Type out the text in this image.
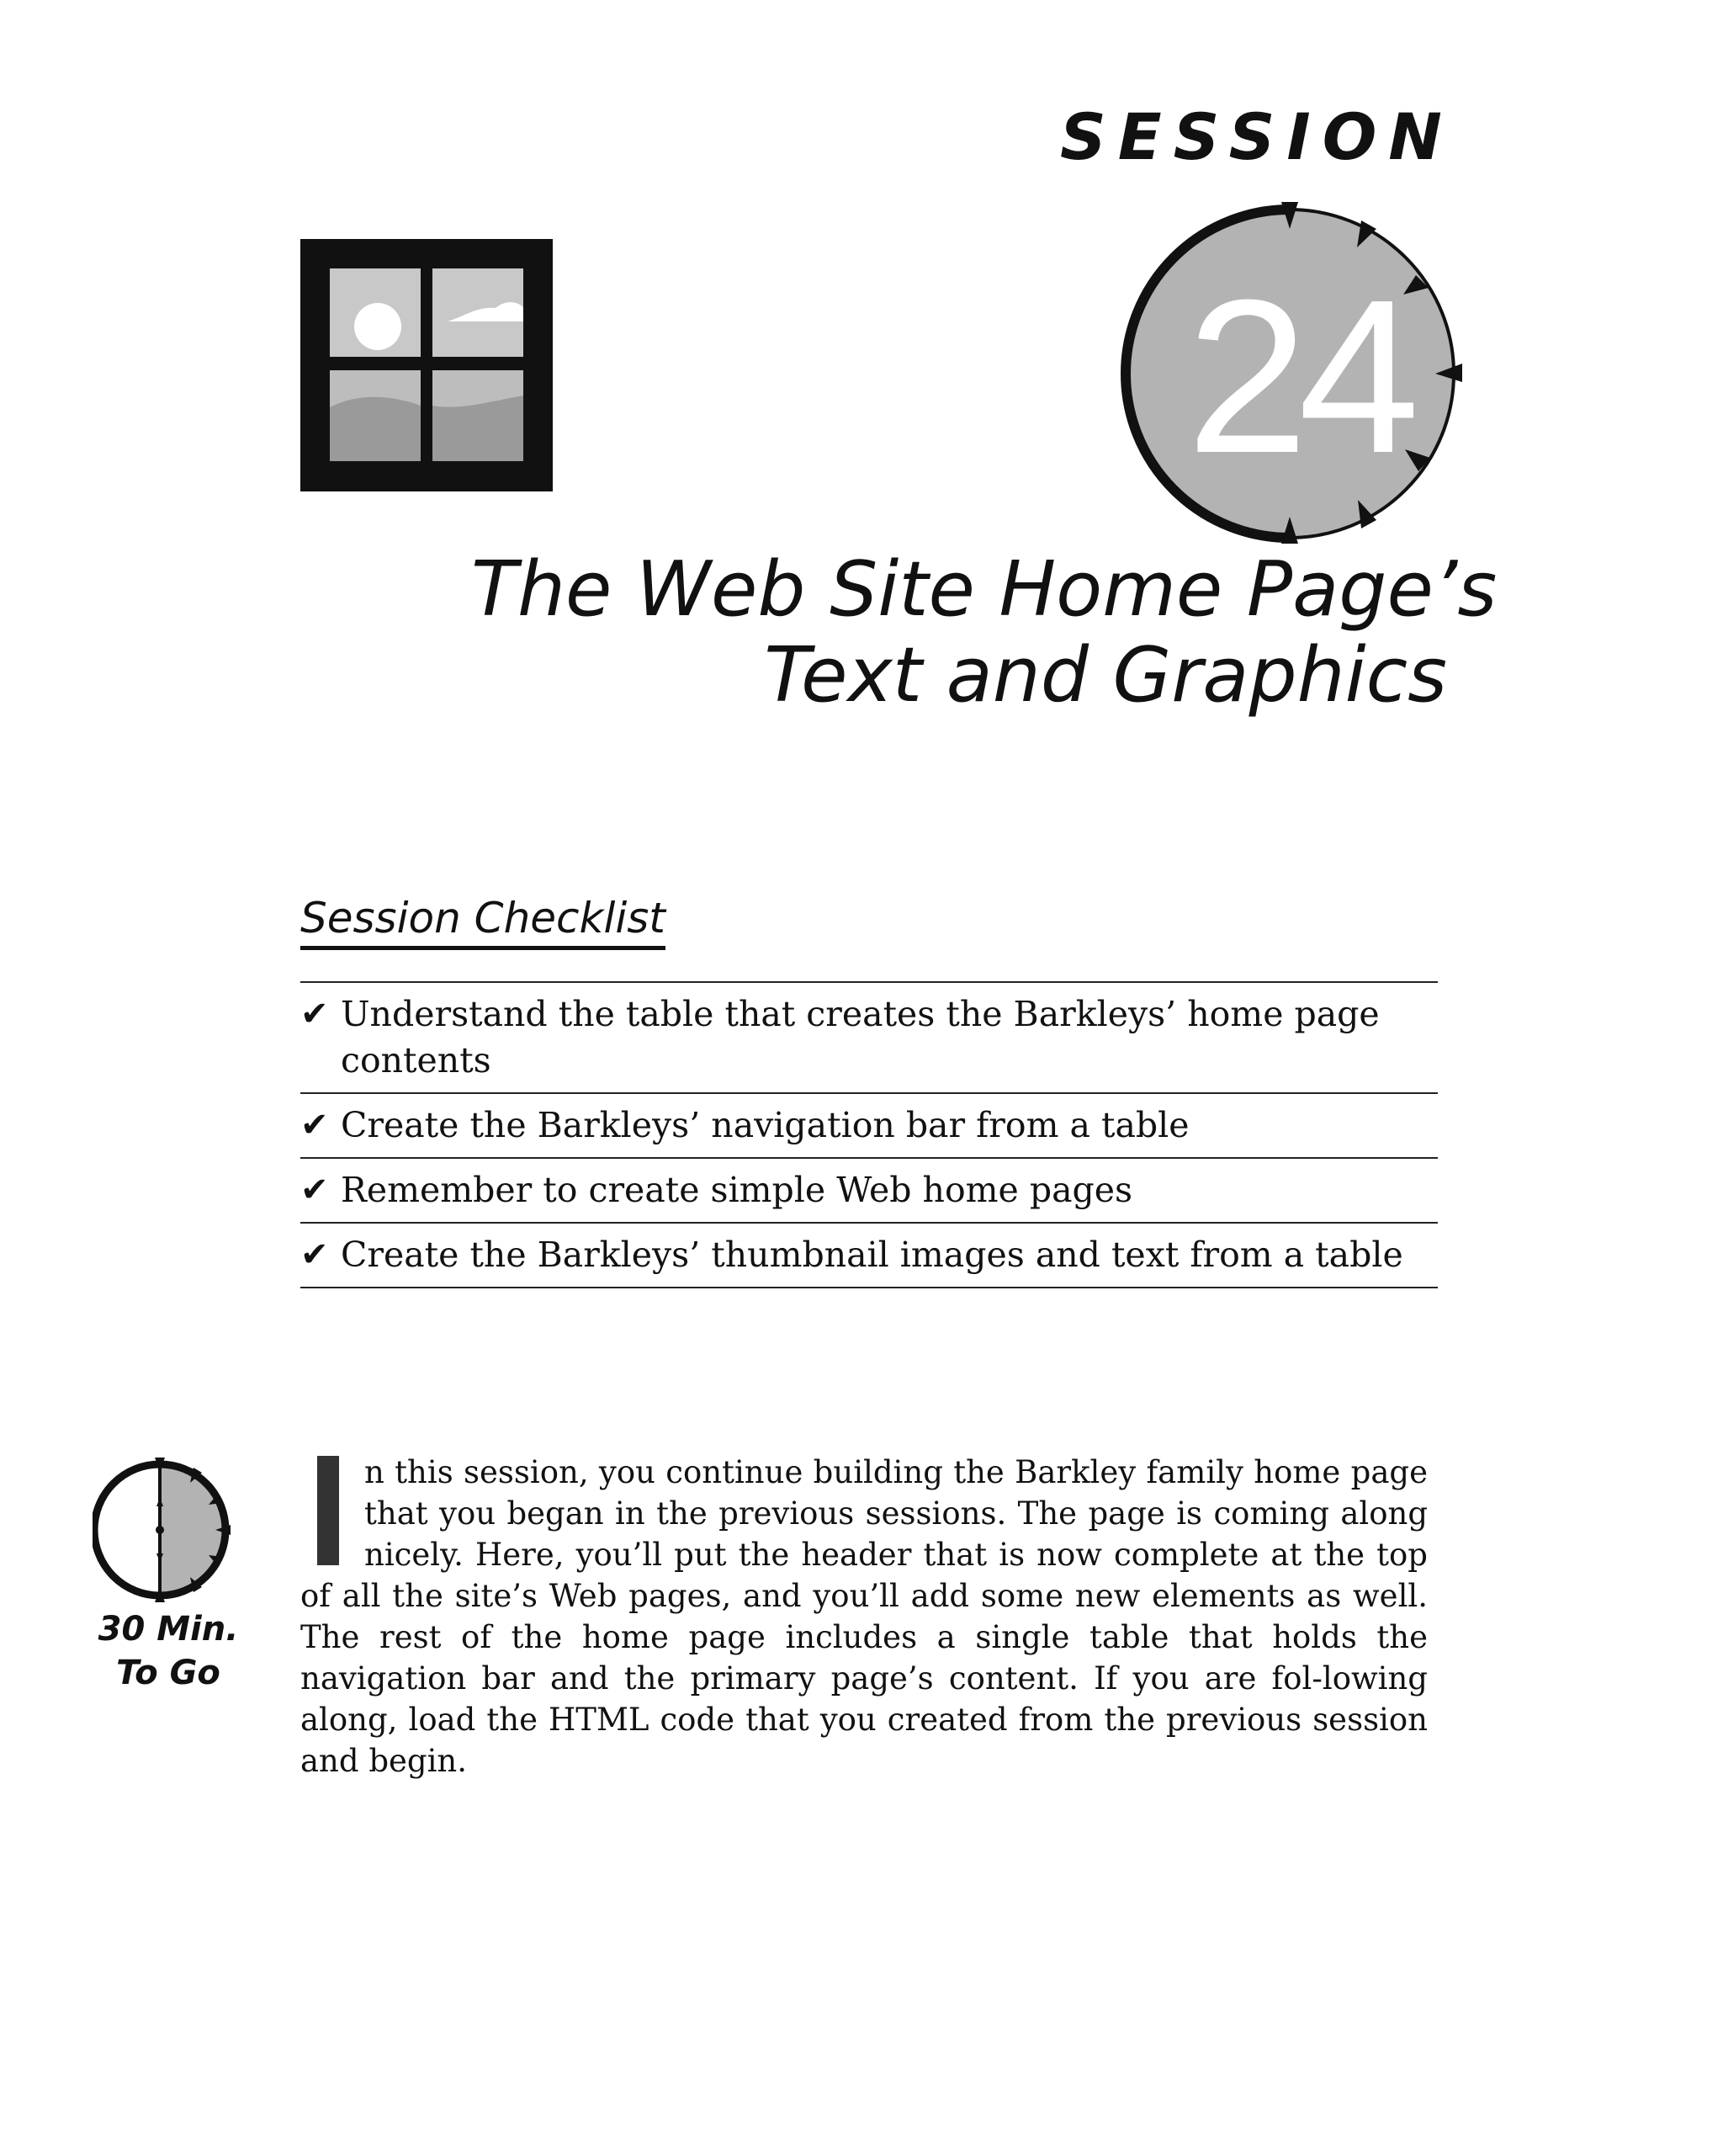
SESSION
24
The Web Site Home Page’s
Text and Graphics
Session Checklist
✔ Understand the table that creates the Barkleys’ home page contents
✔ Create the Barkleys’ navigation bar from a table
✔ Remember to create simple Web home pages
✔ Create the Barkleys’ thumbnail images and text from a table
30 Min.
To Go

n this session, you continue building the Barkley family home page that you began in the previous sessions. The page is coming along nicely. Here, you’ll put the header that is now complete at the top of all the site’s Web pages, and you’ll add some new elements as well. The rest of the home page includes a single table that holds the navigation bar and the primary page’s content. If you are fol-lowing along, load the HTML code that you created from the previous session and begin.
